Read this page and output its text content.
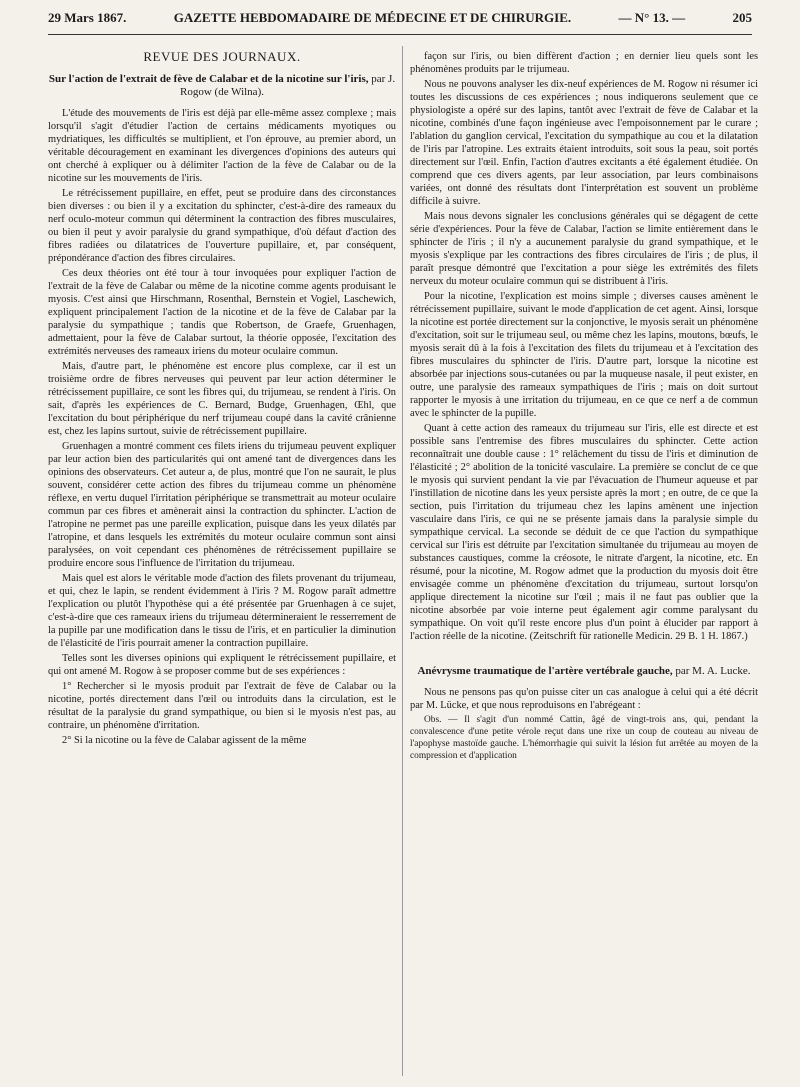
29 Mars 1867.	GAZETTE HEBDOMADAIRE DE MÉDECINE ET DE CHIRURGIE.	— N° 13. —	205
REVUE DES JOURNAUX.
Sur l'action de l'extrait de fève de Calabar et de la nicotine sur l'iris, par J. Rogow (de Wilna).

L'étude des mouvements de l'iris est déjà par elle-même assez complexe ; mais lorsqu'il s'agit d'étudier l'action de certains médicaments myotiques ou mydriatiques, les difficultés se multiplient, et l'on éprouve, au premier abord, un véritable découragement en examinant les divergences d'opinions des auteurs qui ont cherché à expliquer ou à délimiter l'action de la fève de Calabar ou de la nicotine sur les mouvements de l'iris.

Le rétrécissement pupillaire, en effet, peut se produire dans des circonstances bien diverses : ou bien il y a excitation du sphincter, c'est-à-dire des rameaux du nerf oculo-moteur commun qui déterminent la contraction des fibres musculaires, ou bien il peut y avoir paralysie du grand sympathique, d'où défaut d'action des fibres radiées ou dilatatrices de l'ouverture pupillaire, et, par conséquent, prépondérance d'action des fibres circulaires.

Ces deux théories ont été tour à tour invoquées pour expliquer l'action de l'extrait de la fève de Calabar ou même de la nicotine comme agents produisant le myosis. C'est ainsi que Hirschmann, Rosenthal, Bernstein et Vogiel, Laschewich, expliquent principalement l'action de la nicotine et de la fève de Calabar par la paralysie du sympathique ; tandis que Robertson, de Graefe, Gruenhagen, admettaient, pour la fève de Calabar surtout, la théorie opposée, l'excitation des extrémités nerveuses des rameaux iriens du moteur oculaire commun.

Mais, d'autre part, le phénomène est encore plus complexe, car il est un troisième ordre de fibres nerveuses qui peuvent par leur action déterminer le rétrécissement pupillaire, ce sont les fibres qui, du trijumeau, se rendent à l'iris. On sait, d'après les expériences de C. Bernard, Budge, Gruenhagen, Œhl, que l'excitation du bout périphérique du nerf trijumeau coupé dans la cavité crânienne est, chez les lapins surtout, suivie de rétrécissement pupillaire.

Gruenhagen a montré comment ces filets iriens du trijumeau peuvent expliquer par leur action bien des particularités qui ont amené tant de divergences dans les opinions des observateurs. Cet auteur a, de plus, montré que l'on ne saurait, le plus souvent, considérer cette action des fibres du trijumeau comme un phénomène réflexe, en vertu duquel l'irritation périphérique se transmettrait au moteur oculaire commun par ces fibres et amènerait ainsi la contraction du sphincter. L'action de l'atropine ne permet pas une pareille explication, puisque dans les yeux dilatés par l'atropine, et dans lesquels les extrémités du moteur oculaire commun sont ainsi paralysées, on voit cependant ces phénomènes de rétrécissement pupillaire se produire encore sous l'influence de l'irritation du trijumeau.

Mais quel est alors le véritable mode d'action des filets provenant du trijumeau, et qui, chez le lapin, se rendent évidemment à l'iris ? M. Rogow paraît admettre l'explication ou plutôt l'hypothèse qui a été présentée par Gruenhagen à ce sujet, c'est-à-dire que ces rameaux iriens du trijumeau détermineraient le resserrement de la pupille par une modification dans le tissu de l'iris, et en particulier la diminution de l'élasticité de l'iris pourrait amener la contraction pupillaire.

Telles sont les diverses opinions qui expliquent le rétrécissement pupillaire, et qui ont amené M. Rogow à se proposer comme but de ses expériences :

1° Rechercher si le myosis produit par l'extrait de fève de Calabar ou la nicotine, portés directement dans l'œil ou introduits dans la circulation, est le résultat de la paralysie du grand sympathique, ou bien si le myosis n'est pas, au contraire, un phénomène d'irritation.

2° Si la nicotine ou la fève de Calabar agissent de la même

façon sur l'iris, ou bien diffèrent d'action ; en dernier lieu quels sont les phénomènes produits par le trijumeau.

Nous ne pouvons analyser les dix-neuf expériences de M. Rogow ni résumer ici toutes les discussions de ces expériences ; nous indiquerons seulement que ce physiologiste a opéré sur des lapins, tantôt avec l'extrait de fève de Calabar et la nicotine, combinés d'une façon ingénieuse avec l'empoisonnement par le curare ; l'ablation du ganglion cervical, l'excitation du sympathique au cou et la dilatation de l'iris par l'atropine. Les extraits étaient introduits, soit sous la peau, soit portés directement sur l'œil. Enfin, l'action d'autres excitants a été également étudiée. On comprend que ces divers agents, par leur association, par leurs combinaisons variées, ont donné des résultats dont l'interprétation est souvent un problème difficile à suivre.

Mais nous devons signaler les conclusions générales qui se dégagent de cette série d'expériences. Pour la fève de Calabar, l'action se limite entièrement dans le sphincter de l'iris ; il n'y a aucunement paralysie du grand sympathique, et le myosis s'explique par les contractions des fibres circulaires de l'iris ; de plus, il paraît presque démontré que l'excitation a pour siège les extrémités des filets nerveux du moteur oculaire commun qui se distribuent à l'iris.

Pour la nicotine, l'explication est moins simple ; diverses causes amènent le rétrécissement pupillaire, suivant le mode d'application de cet agent. Ainsi, lorsque la nicotine est portée directement sur la conjonctive, le myosis serait un phénomène d'excitation, soit sur le trijumeau seul, ou même chez les lapins, moutons, bœufs, le myosis serait dû à la fois à l'excitation des filets du trijumeau et à l'excitation des fibres musculaires du sphincter de l'iris. D'autre part, lorsque la nicotine est absorbée par injections sous-cutanées ou par la muqueuse nasale, il peut exister, en outre, une paralysie des rameaux sympathiques de l'iris ; mais on doit surtout rapporter le myosis à une irritation du trijumeau, en ce que ce nerf a de commun avec le sphincter de la pupille.

Quant à cette action des rameaux du trijumeau sur l'iris, elle est directe et est possible sans l'entremise des fibres musculaires du sphincter. Cette action reconnaîtrait une double cause : 1° relâchement du tissu de l'iris et diminution de l'élasticité ; 2° abolition de la tonicité vasculaire. La première se conclut de ce que le myosis qui survient pendant la vie par l'évacuation de l'humeur aqueuse et par l'instillation de nicotine dans les yeux persiste après la mort ; en outre, de ce que la section, puis l'irritation du trijumeau chez les lapins amènent une injection vasculaire dans l'iris, ce qui ne se présente jamais dans la paralysie simple du sympathique cervical. La seconde se déduit de ce que l'action du sympathique cervical sur l'iris est détruite par l'excitation simultanée du trijumeau au moyen de substances caustiques, comme la créosote, le nitrate d'argent, la nicotine, etc. En résumé, pour la nicotine, M. Rogow admet que la production du myosis doit être envisagée comme un phénomène d'excitation du trijumeau, surtout lorsqu'on applique directement la nicotine sur l'œil ; mais il ne faut pas oublier que la nicotine absorbée par voie interne peut également agir comme paralysant du sympathique. On voit qu'il reste encore plus d'un point à élucider par rapport à l'action réelle de la nicotine. (Zeitschrift für rationelle Medicin. 29 B. 1 H. 1867.)

Anévrysme traumatique de l'artère vertébrale gauche, par M. A. Lucke.

Nous ne pensons pas qu'on puisse citer un cas analogue à celui qui a été décrit par M. Lücke, et que nous reproduisons en l'abrégeant :

Obs. — Il s'agit d'un nommé Cattin, âgé de vingt-trois ans, qui, pendant la convalescence d'une petite vérole reçut dans une rixe un coup de couteau au niveau de l'apophyse mastoïde gauche. L'hémorrhagie qui suivit la lésion fut arrêtée au moyen de la compression et d'application
